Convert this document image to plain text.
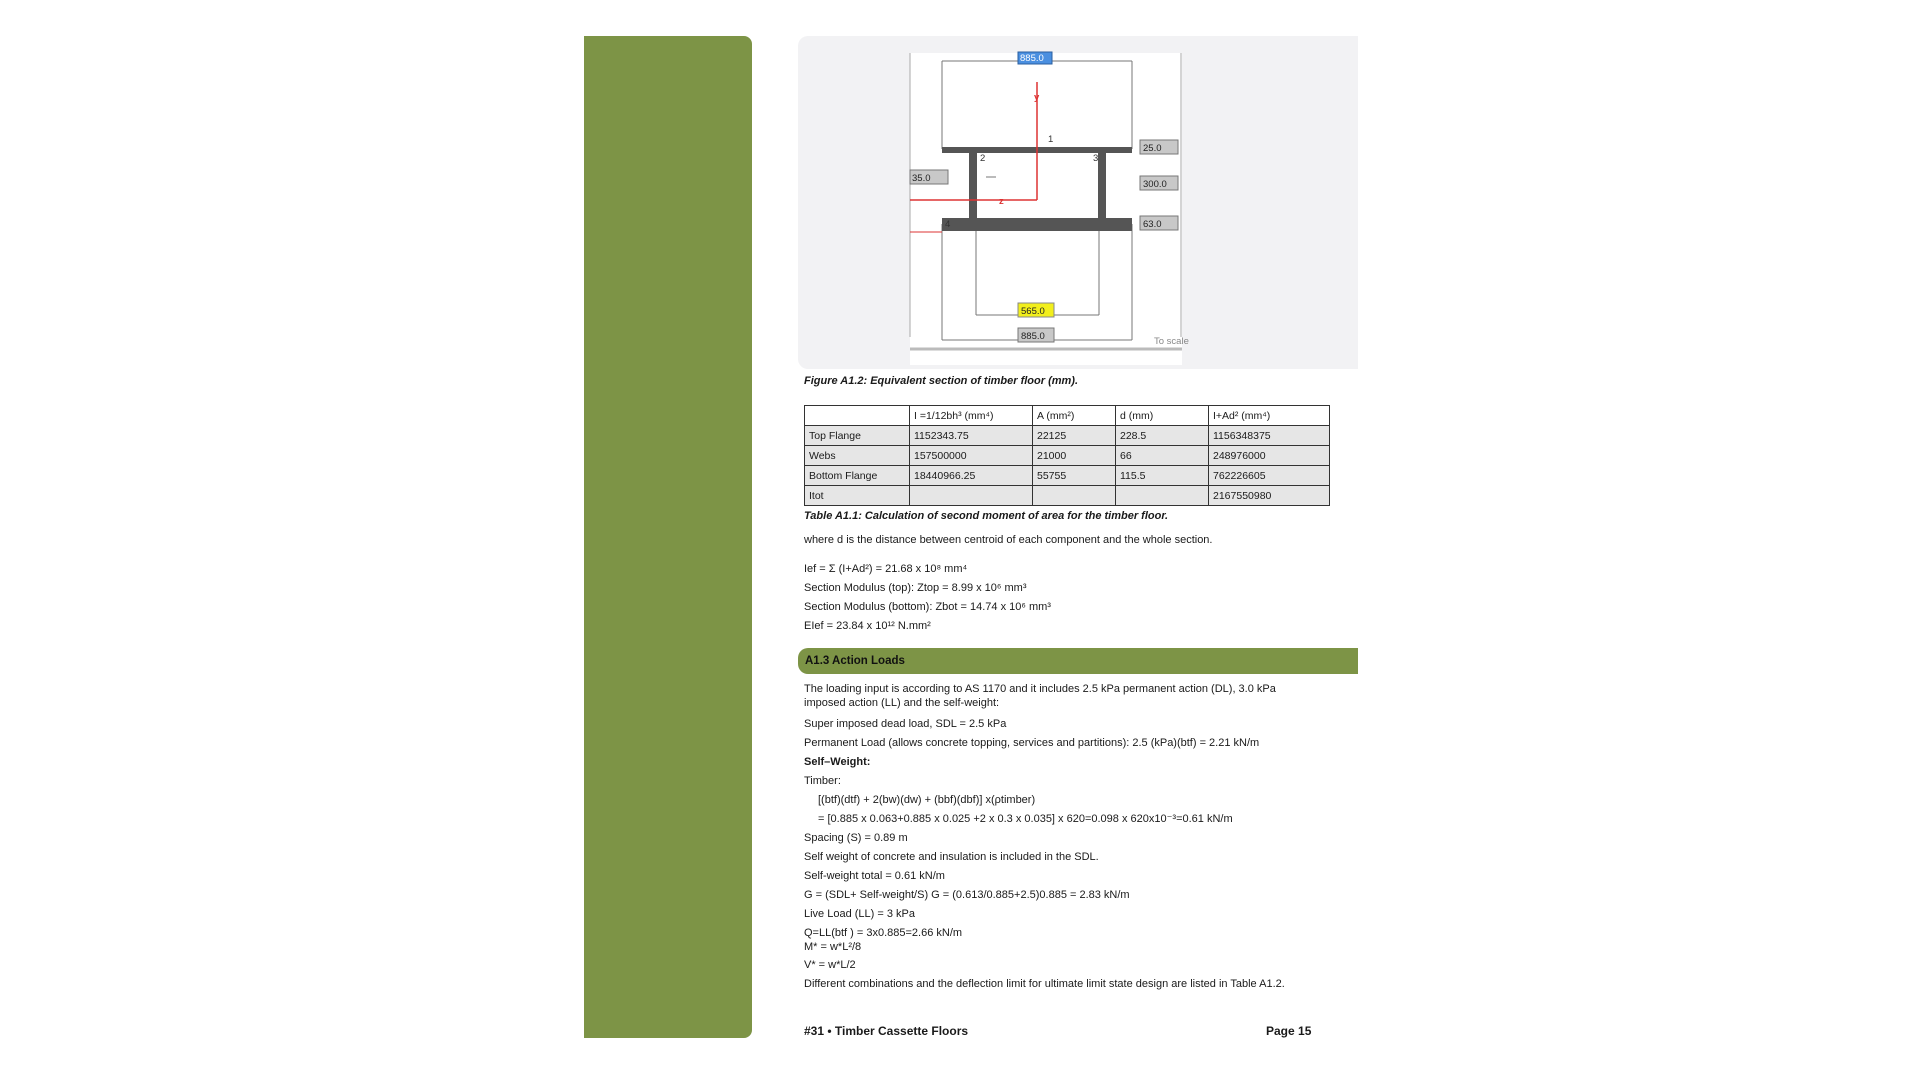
y
z
1
2	3
4
885.0
25.0
35.0
300.0
63.0
565.0
885.0	To scale
Figure A1.2: Equivalent section of timber floor (mm).
	I =1/12bh³ (mm⁴)	A (mm²)	d (mm)	I+Ad² (mm⁴)
Top Flange	1152343.75	22125	228.5	1156348375
Webs	157500000	21000	66	248976000
Bottom Flange	18440966.25	55755	115.5	762226605
Itot				2167550980
Table A1.1: Calculation of second moment of area for the timber floor.
where d is the distance between centroid of each component and the whole section.
Ief = Σ (I+Ad²) = 21.68 x 10⁸ mm⁴
Section Modulus (top): Ztop = 8.99 x 10⁶ mm³
Section Modulus (bottom): Zbot = 14.74 x 10⁶ mm³
EIef = 23.84 x 10¹² N.mm²
A1.3 Action Loads
The loading input is according to AS 1170 and it includes 2.5 kPa permanent action (DL), 3.0 kPa
imposed action (LL) and the self-weight:
Super imposed dead load, SDL = 2.5 kPa
Permanent Load (allows concrete topping, services and partitions): 2.5 (kPa)(btf) = 2.21 kN/m
Self–Weight:
Timber:
[(btf)(dtf) + 2(bw)(dw) + (bbf)(dbf)] x(ρtimber)
= [0.885 x 0.063+0.885 x 0.025 +2 x 0.3 x 0.035] x 620=0.098 x 620x10⁻³=0.61 kN/m
Spacing (S) = 0.89 m
Self weight of concrete and insulation is included in the SDL.
Self-weight total = 0.61 kN/m
G = (SDL+ Self-weight/S) G = (0.613/0.885+2.5)0.885 = 2.83 kN/m
Live Load (LL) = 3 kPa
Q=LL(btf ) = 3x0.885=2.66 kN/m
M* = w*L²/8
V* = w*L/2
Different combinations and the deflection limit for ultimate limit state design are listed in Table A1.2.
#31 • Timber Cassette Floors	Page 15
